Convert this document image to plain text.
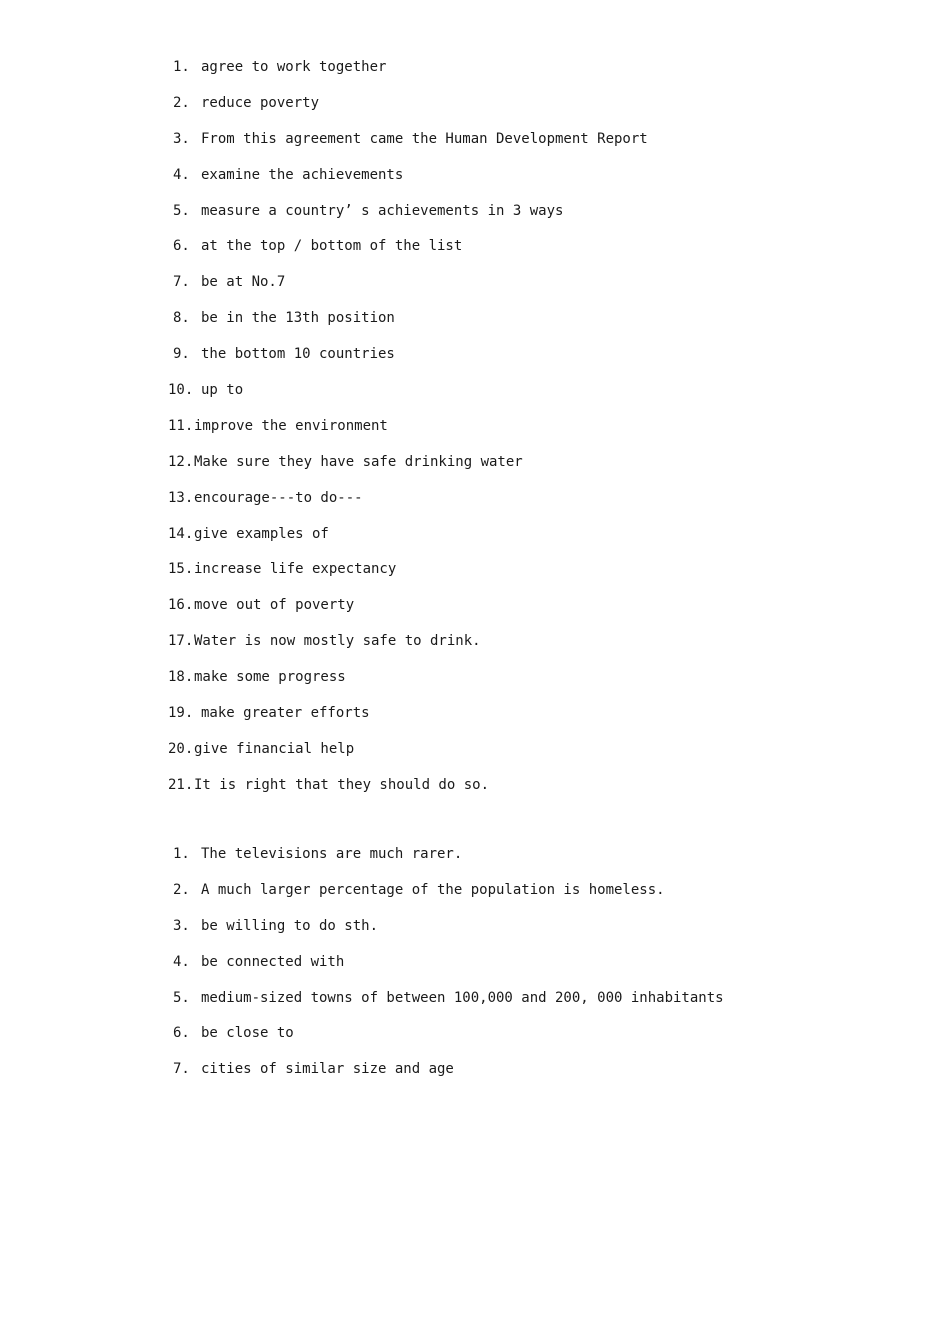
1. agree to work together
2. reduce poverty
3. From this agreement came the Human Development Report
4. examine the achievements
5. measure a country’ s achievements in 3 ways
6. at the top / bottom of the list
7. be at No.7
8. be in the 13th position
9. the bottom 10 countries
10. up to
11. improve the environment
12. Make sure they have safe drinking water
13. encourage---to do---
14. give examples of
15. increase life expectancy
16. move out of poverty
17. Water is now mostly safe to drink.
18. make some progress
19. make greater efforts
20. give financial help
21. It is right that they should do so.
1. The televisions are much rarer.
2. A much larger percentage of the population is homeless.
3. be willing to do sth.
4. be connected with
5. medium-sized towns of between 100,000 and 200, 000 inhabitants
6. be close to
7. cities of similar size and age
